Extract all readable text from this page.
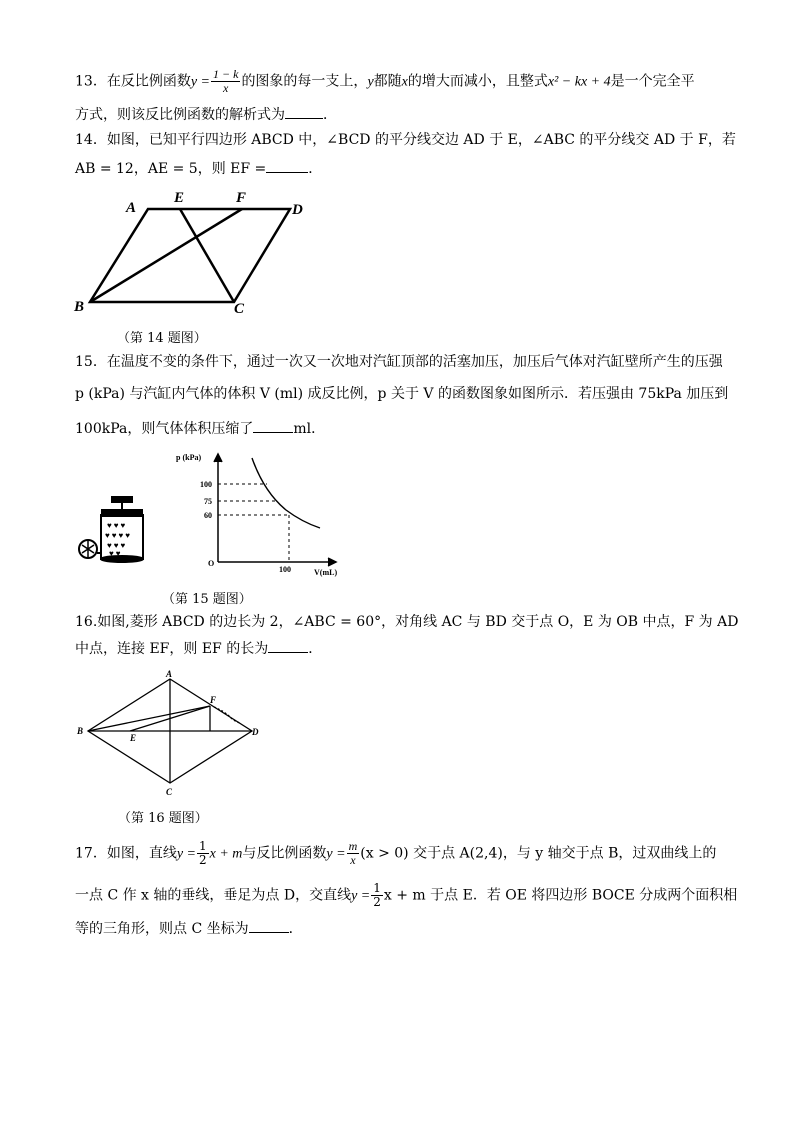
13．在反比例函数$y = \frac{1 - k}{x}$ 的图象的每一支上，y都随x的增大而减小，且整式x² − kx + 4是一个完全平
方式，则该反比例函数的解析式为	．
14．如图，已知平行四边形 ABCD 中，∠BCD 的平分线交边 AD 于 E，∠ABC 的平分线交 AD 于 F，若
AB = 12，AE = 5，则 EF =	．
A
E	F
D
B	C
（第 14 题图）
15．在温度不变的条件下，通过一次又一次地对汽缸顶部的活塞加压，加压后气体对汽缸壁所产生的压强
p (kPa) 与汽缸内气体的体积 V (ml) 成反比例，p 关于 V 的函数图象如图所示．若压强由 75kPa 加压到
100kPa，则气体体积压缩了	ml．
♥ ♥ ♥
♥ ♥ ♥ ♥
♥ ♥ ♥
♥ ♥
p (kPa)
100
75
60
O
100	V(mL)
（第 15 题图）
16.如图,菱形 ABCD 的边长为 2，∠ABC = 60°，对角线 AC 与 BD 交于点 O，E 为 OB 中点，F 为 AD
中点，连接 EF，则 EF 的长为	．
A
F
B
E
D
C
（第 16 题图）
17．如图，直线$y = \frac{1}{2}$ x + m与反比例函数$y = \frac{m}{x} (x > 0)$ 交于点 A(2,4)，与 y 轴交于点 B，过双曲线上的
一点 C 作 x 轴的垂线，垂足为点 D，交直线$y = \frac{1}{2}$ x + m 于点 E．若 OE 将四边形 BOCE 分成两个面积相
等的三角形，则点 C 坐标为	．
